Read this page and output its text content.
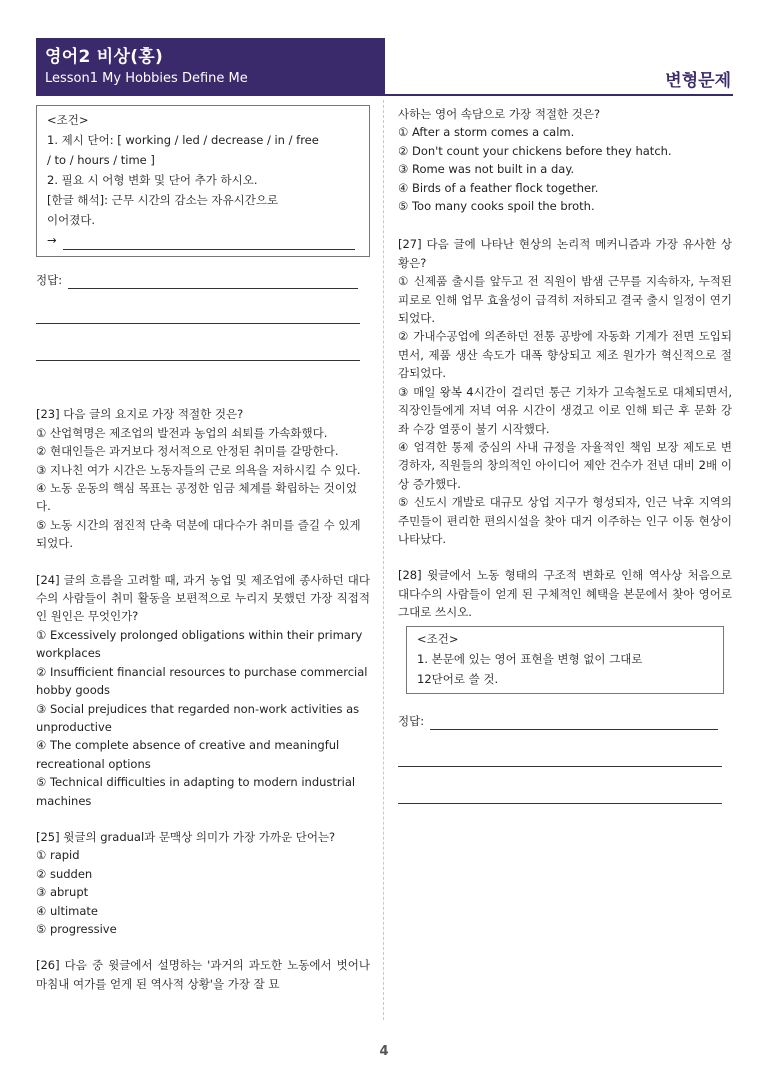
영어2 비상(홍)
Lesson1 My Hobbies Define Me	변형문제
<조건>
1. 제시 단어: [ working / led / decrease / in / free
/ to / hours / time ]
2. 필요 시 어형 변화 및 단어 추가 하시오.
[한글 해석]: 근무 시간의 감소는 자유시간으로
이어졌다.
→
정답:
[23] 다음 글의 요지로 가장 적절한 것은?
① 산업혁명은 제조업의 발전과 농업의 쇠퇴를 가속화했다.
② 현대인들은 과거보다 정서적으로 안정된 취미를 갈망한다.
③ 지나친 여가 시간은 노동자들의 근로 의욕을 저하시킬 수 있다.
④ 노동 운동의 핵심 목표는 공정한 임금 체계를 확립하는 것이었다.
⑤ 노동 시간의 점진적 단축 덕분에 대다수가 취미를 즐길 수 있게 되었다.
[24] 글의 흐름을 고려할 때, 과거 농업 및 제조업에 종사하던 대다수의 사람들이 취미 활동을 보편적으로 누리지 못했던 가장 직접적인 원인은 무엇인가?
① Excessively prolonged obligations within their primary workplaces
② Insufficient financial resources to purchase commercial hobby goods
③ Social prejudices that regarded non-work activities as unproductive
④ The complete absence of creative and meaningful recreational options
⑤ Technical difficulties in adapting to modern industrial machines
[25] 윗글의 gradual과 문맥상 의미가 가장 가까운 단어는?
① rapid
② sudden
③ abrupt
④ ultimate
⑤ progressive
[26] 다음 중 윗글에서 설명하는 '과거의 과도한 노동에서 벗어나 마침내 여가를 얻게 된 역사적 상황'을 가장 잘 묘
사하는 영어 속담으로 가장 적절한 것은?
① After a storm comes a calm.
② Don't count your chickens before they hatch.
③ Rome was not built in a day.
④ Birds of a feather flock together.
⑤ Too many cooks spoil the broth.
[27] 다음 글에 나타난 현상의 논리적 메커니즘과 가장 유사한 상황은?
① 신제품 출시를 앞두고 전 직원이 밤샘 근무를 지속하자, 누적된 피로로 인해 업무 효율성이 급격히 저하되고 결국 출시 일정이 연기되었다.
② 가내수공업에 의존하던 전통 공방에 자동화 기계가 전면 도입되면서, 제품 생산 속도가 대폭 향상되고 제조 원가가 혁신적으로 절감되었다.
③ 매일 왕복 4시간이 걸리던 통근 기차가 고속철도로 대체되면서, 직장인들에게 저녁 여유 시간이 생겼고 이로 인해 퇴근 후 문화 강좌 수강 열풍이 불기 시작했다.
④ 엄격한 통제 중심의 사내 규정을 자율적인 책임 보장 제도로 변경하자, 직원들의 창의적인 아이디어 제안 건수가 전년 대비 2배 이상 증가했다.
⑤ 신도시 개발로 대규모 상업 지구가 형성되자, 인근 낙후 지역의 주민들이 편리한 편의시설을 찾아 대거 이주하는 인구 이동 현상이 나타났다.
[28] 윗글에서 노동 형태의 구조적 변화로 인해 역사상 처음으로 대다수의 사람들이 얻게 된 구체적인 혜택을 본문에서 찾아 영어로 그대로 쓰시오.
<조건>
1. 본문에 있는 영어 표현을 변형 없이 그대로
12단어로 쓸 것.
정답:
4
